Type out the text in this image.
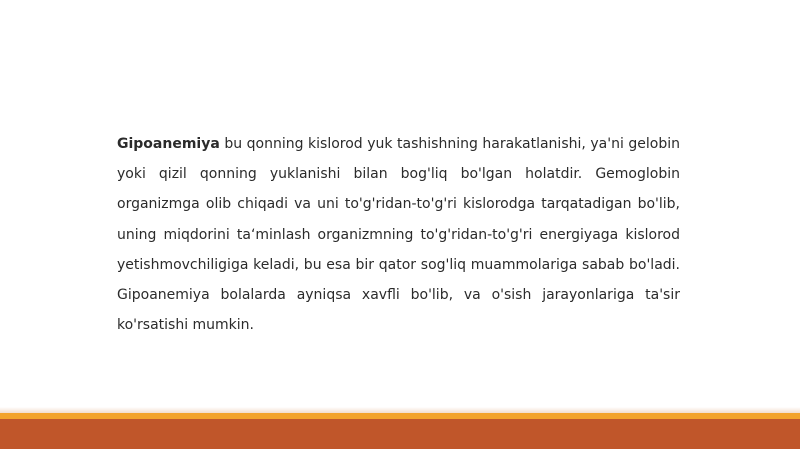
Gipoanemiya bu qonning kislorod yuk tashishning harakatlanishi, ya'ni gelobin yoki qizil qonning yuklanishi bilan bog'liq bo'lgan holatdir. Gemoglobin organizmga olib chiqadi va uni to'g'ridan-to'g'ri kislorodga tarqatadigan bo'lib, uning miqdorini ta‘minlash organizmning to'g'ridan-to'g'ri energiyaga kislorod yetishmovchiligiga keladi, bu esa bir qator sog'liq muammolariga sabab bo'ladi. Gipoanemiya bolalarda ayniqsa xavfli bo'lib, va o'sish jarayonlariga ta'sir ko'rsatishi mumkin.
